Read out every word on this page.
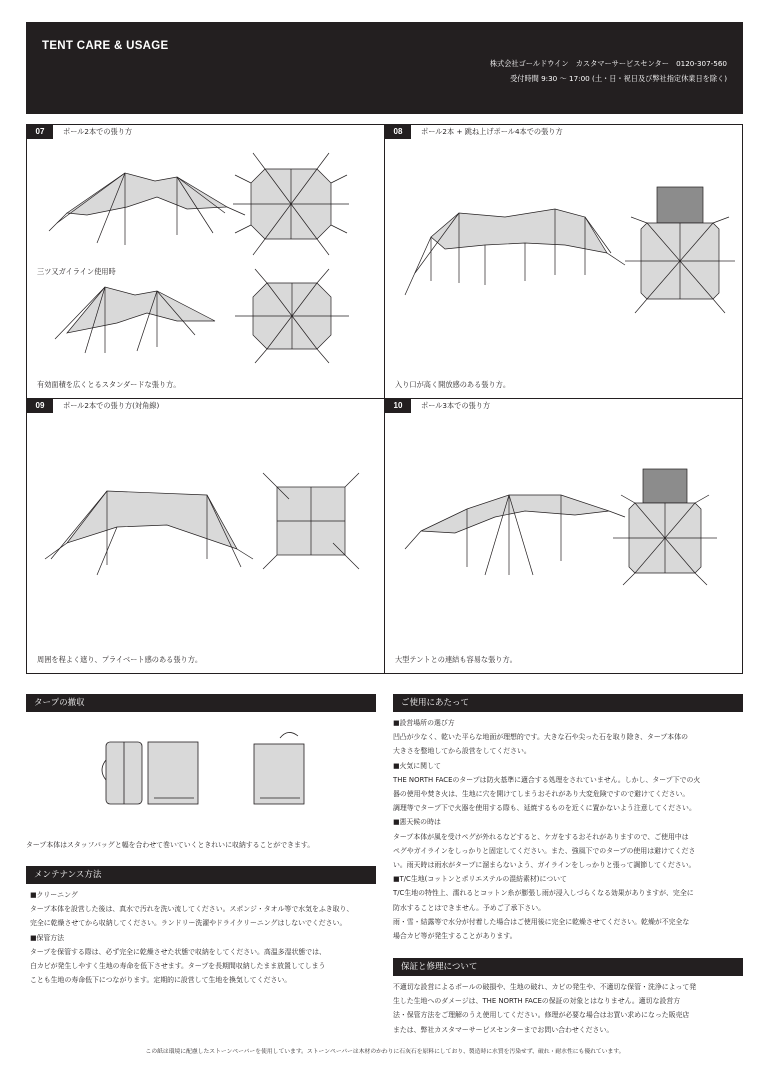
TENT CARE & USAGE
株式会社ゴールドウイン　カスタマーサービスセンター　0120-307-560
受付時間 9:30 〜 17:00 (土・日・祝日及び弊社指定休業日を除く)
07	ポール2本での張り方
三ツ又ガイライン使用時
有効面積を広くとるスタンダードな張り方。
08	ポール2本 + 跳ね上げポール4本での張り方
入り口が高く開放感のある張り方。
09	ポール2本での張り方(対角線)
周囲を程よく遮り、プライベート感のある張り方。
10	ポール3本での張り方
大型テントとの連結も容易な張り方。
タープの撤収
タープ本体はスタッフバッグと幅を合わせて巻いていくときれいに収納することができます。
メンテナンス方法

■クリーニング

タープ本体を設営した後は、真水で汚れを洗い流してください。スポンジ・タオル等で水気をふき取り、

完全に乾燥させてから収納してください。ランドリー洗濯やドライクリーニングはしないでください。

■保管方法

タープを保管する際は、必ず完全に乾燥させた状態で収納をしてください。高温多湿状態では、

白カビが発生しやすく生地の寿命を低下させます。タープを長期間収納したまま放置してしまう

ことも生地の寿命低下につながります。定期的に設営して生地を換気してください。

ご使用にあたって

■設営場所の選び方

凹凸が少なく、乾いた平らな地面が理想的です。大きな石や尖った石を取り除き、タープ本体の

大きさを整地してから設営をしてください。

■火気に関して

THE NORTH FACEのタープは防火基準に適合する処理をされていません。しかし、タープ下での火

器の使用や焚き火は、生地に穴を開けてしまうおそれがあり大変危険ですので避けてください。

調理等でタープ下で火器を使用する際も、延焼するものを近くに置かないよう注意してください。

■悪天候の時は

タープ本体が風を受けペグが外れるなどすると、ケガをするおそれがありますので、ご使用中は

ペグやガイラインをしっかりと固定してください。また、強風下でのタープの使用は避けてくださ

い。雨天時は雨水がタープに溜まらないよう、ガイラインをしっかりと張って調節してください。

■T/C生地(コットンとポリエステルの混紡素材)について

T/C生地の特性上、濡れるとコットン糸が膨張し雨が浸入しづらくなる効果がありますが、完全に

防水することはできません。予めご了承下さい。

雨・雪・結露等で水分が付着した場合はご使用後に完全に乾燥させてください。乾燥が不完全な

場合カビ等が発生することがあります。

保証と修理について

不適切な設営によるポールの破損や、生地の破れ、カビの発生や、不適切な保管・洗浄によって発

生した生地へのダメージは、THE NORTH FACEの保証の対象とはなりません。適切な設営方

法・保管方法をご理解のうえ使用してください。修理が必要な場合はお買い求めになった販売店

または、弊社カスタマーサービスセンターまでお問い合わせください。

この紙は環境に配慮したストーンペーパーを使用しています。ストーンペーパーは木材のかわりに石灰石を原料にしており、製造時に水質を汚染せず、破れ・耐水性にも優れています。
